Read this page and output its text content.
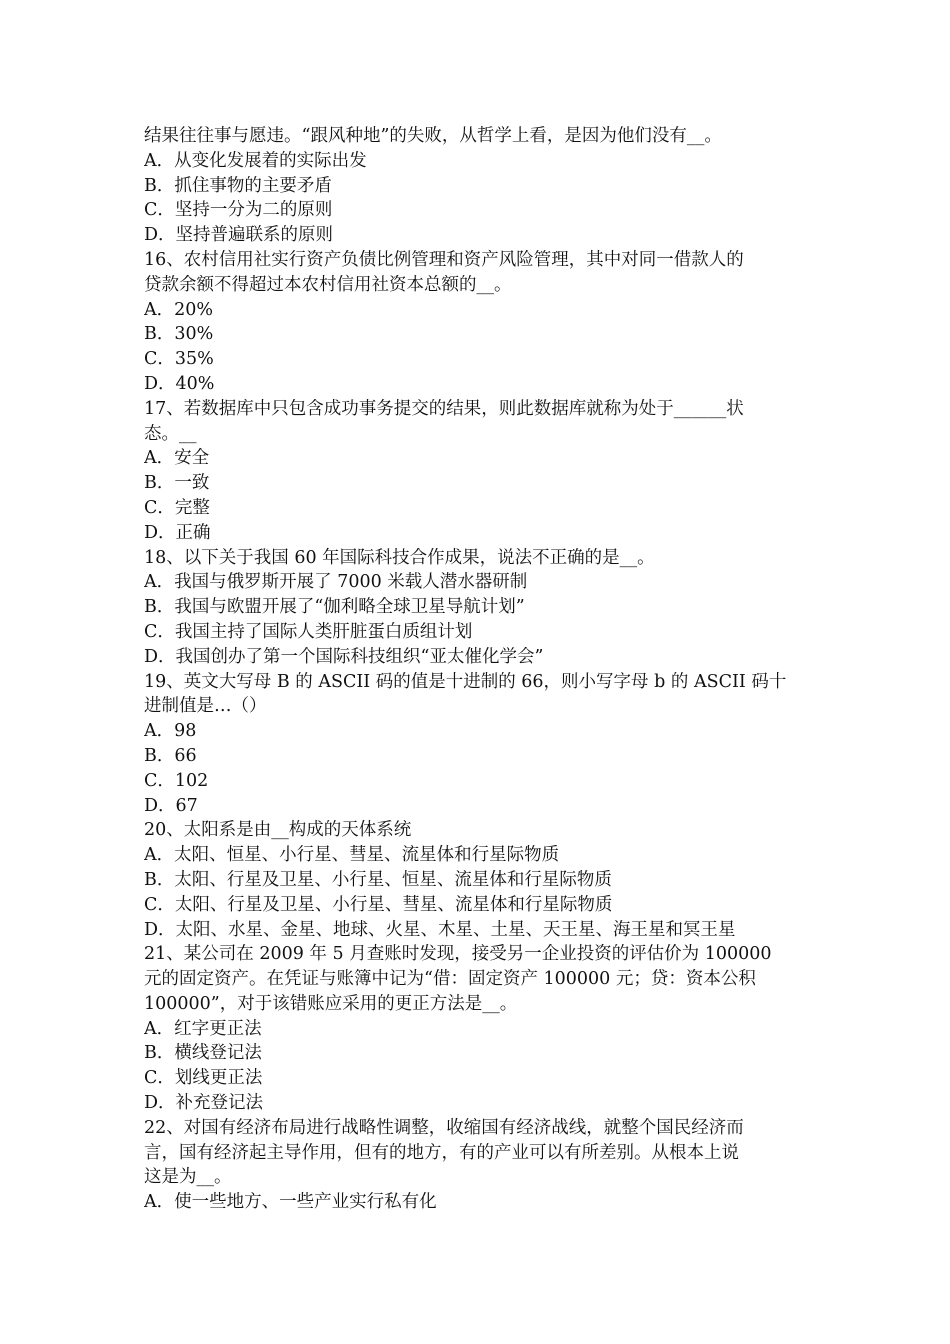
结果往往事与愿违。“跟风种地”的失败，从哲学上看，是因为他们没有__。
A．从变化发展着的实际出发
B．抓住事物的主要矛盾
C．坚持一分为二的原则
D．坚持普遍联系的原则
16、农村信用社实行资产负债比例管理和资产风险管理，其中对同一借款人的
贷款余额不得超过本农村信用社资本总额的__。
A．20%
B．30%
C．35%
D．40%
17、若数据库中只包含成功事务提交的结果，则此数据库就称为处于______状
态。__
A．安全
B．一致
C．完整
D．正确
18、以下关于我国 60 年国际科技合作成果，说法不正确的是__。
A．我国与俄罗斯开展了 7000 米载人潜水器研制
B．我国与欧盟开展了“伽利略全球卫星导航计划”
C．我国主持了国际人类肝脏蛋白质组计划
D．我国创办了第一个国际科技组织“亚太催化学会”
19、英文大写母 B 的 ASCII 码的值是十进制的 66，则小写字母 b 的 ASCII 码十
进制值是…（）
A．98
B．66
C．102
D．67
20、太阳系是由__构成的天体系统
A．太阳、恒星、小行星、彗星、流星体和行星际物质
B．太阳、行星及卫星、小行星、恒星、流星体和行星际物质
C．太阳、行星及卫星、小行星、彗星、流星体和行星际物质
D．太阳、水星、金星、地球、火星、木星、土星、天王星、海王星和冥王星
21、某公司在 2009 年 5 月查账时发现，接受另一企业投资的评估价为 100000
元的固定资产。在凭证与账簿中记为“借：固定资产 100000 元；贷：资本公积
100000”，对于该错账应采用的更正方法是__。
A．红字更正法
B．横线登记法
C．划线更正法
D．补充登记法
22、对国有经济布局进行战略性调整，收缩国有经济战线，就整个国民经济而
言，国有经济起主导作用，但有的地方，有的产业可以有所差别。从根本上说
这是为__。
A．使一些地方、一些产业实行私有化
